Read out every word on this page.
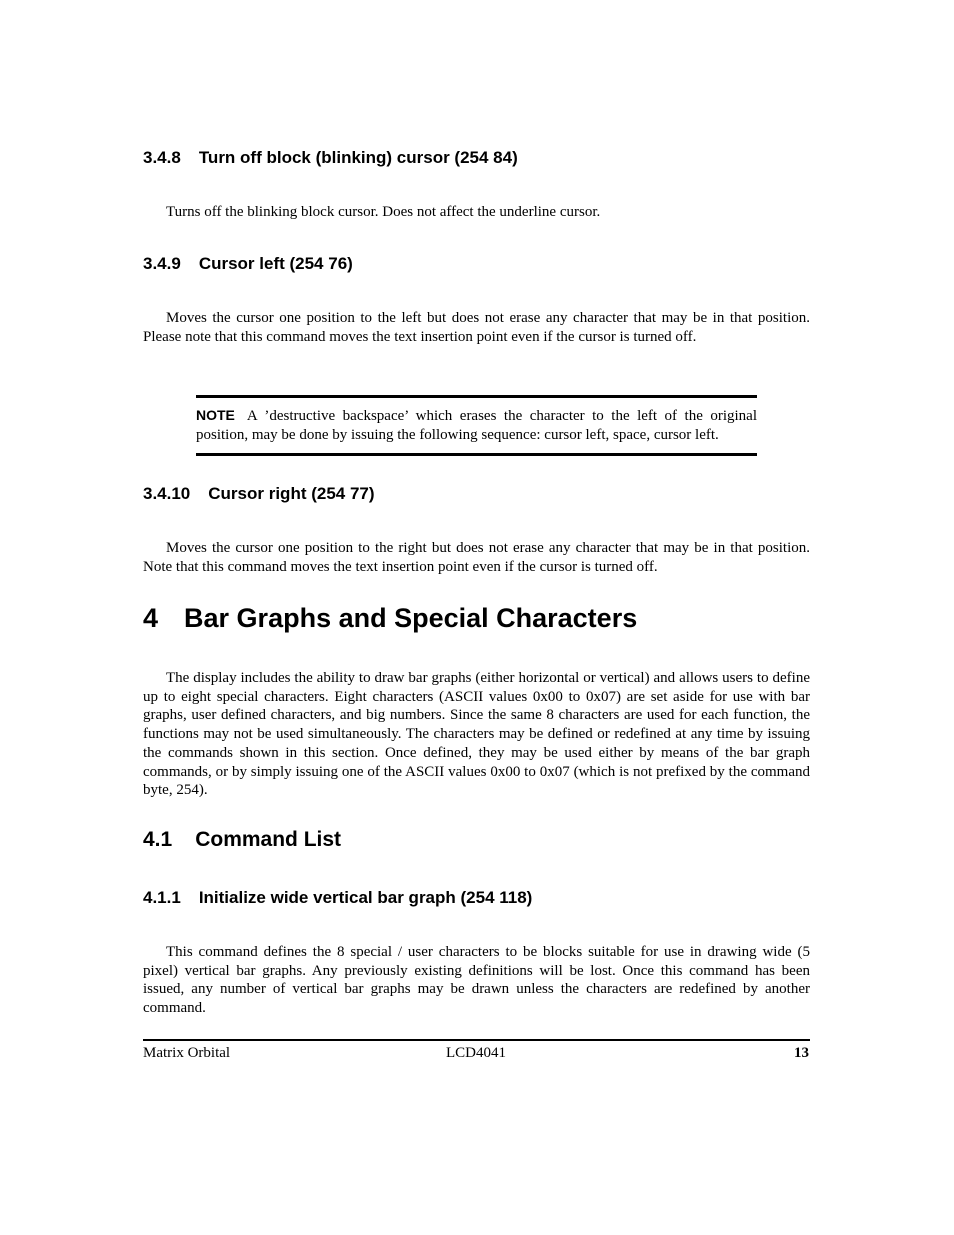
3.4.8 Turn off block (blinking) cursor (254 84)

Turns off the blinking block cursor. Does not affect the underline cursor.

3.4.9 Cursor left (254 76)

Moves the cursor one position to the left but does not erase any character that may be in that position. Please note that this command moves the text insertion point even if the cursor is turned off.

NOTE A ’destructive backspace’ which erases the character to the left of the original position, may be done by issuing the following sequence: cursor left, space, cursor left.

3.4.10 Cursor right (254 77)

Moves the cursor one position to the right but does not erase any character that may be in that position. Note that this command moves the text insertion point even if the cursor is turned off.

4 Bar Graphs and Special Characters

The display includes the ability to draw bar graphs (either horizontal or vertical) and allows users to define up to eight special characters. Eight characters (ASCII values 0x00 to 0x07) are set aside for use with bar graphs, user defined characters, and big numbers. Since the same 8 characters are used for each function, the functions may not be used simultaneously. The characters may be defined or redefined at any time by issuing the commands shown in this section. Once defined, they may be used either by means of the bar graph commands, or by simply issuing one of the ASCII values 0x00 to 0x07 (which is not prefixed by the command byte, 254).

4.1 Command List
4.1.1 Initialize wide vertical bar graph (254 118)

This command defines the 8 special / user characters to be blocks suitable for use in drawing wide (5 pixel) vertical bar graphs. Any previously existing definitions will be lost. Once this command has been issued, any number of vertical bar graphs may be drawn unless the characters are redefined by another command.

Matrix Orbital	LCD4041	13
